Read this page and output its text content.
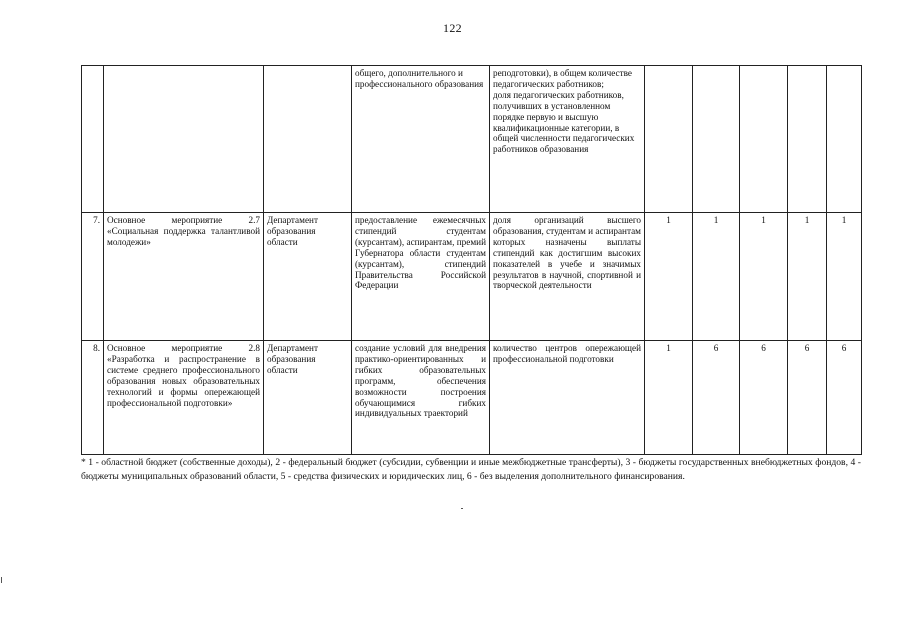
122
			общего, дополнительного и профессионального образования	реподготовки), в общем количестве педагогических работников;
доля педагогических работников, получивших в установленном порядке первую и высшую квалификационные категории, в общей численности педагогических работников образования					
7.	Основное мероприятие 2.7 «Социальная поддержка талантливой молодежи»	Департамент образования области	предоставление ежемесячных стипендий студентам (курсантам), аспирантам, премий Губернатора области студентам (курсантам), стипендий Правительства Российской Федерации	доля организаций высшего образования, студентам и аспирантам которых назначены выплаты стипендий как достигшим высоких показателей в учебе и значимых результатов в научной, спортивной и творческой деятельности	1	1	1	1	1
8.	Основное мероприятие 2.8 «Разработка и распространение в системе среднего профессионального образования новых образовательных технологий и формы опережающей профессиональной подготовки»	Департамент образования области	создание условий для внедрения практико-ориентированных и гибких образовательных программ, обеспечения возможности построения обучающимися гибких индивидуальных траекторий	количество центров опережающей профессиональной подготовки	1	6	6	6	6
* 1 - областной бюджет (собственные доходы), 2 - федеральный бюджет (субсидии, субвенции и иные межбюджетные трансферты), 3 - бюджеты государственных внебюджетных фондов, 4 - бюджеты муниципальных образований области, 5 - средства физических и юридических лиц, 6 - без выделения дополнительного финансирования.
